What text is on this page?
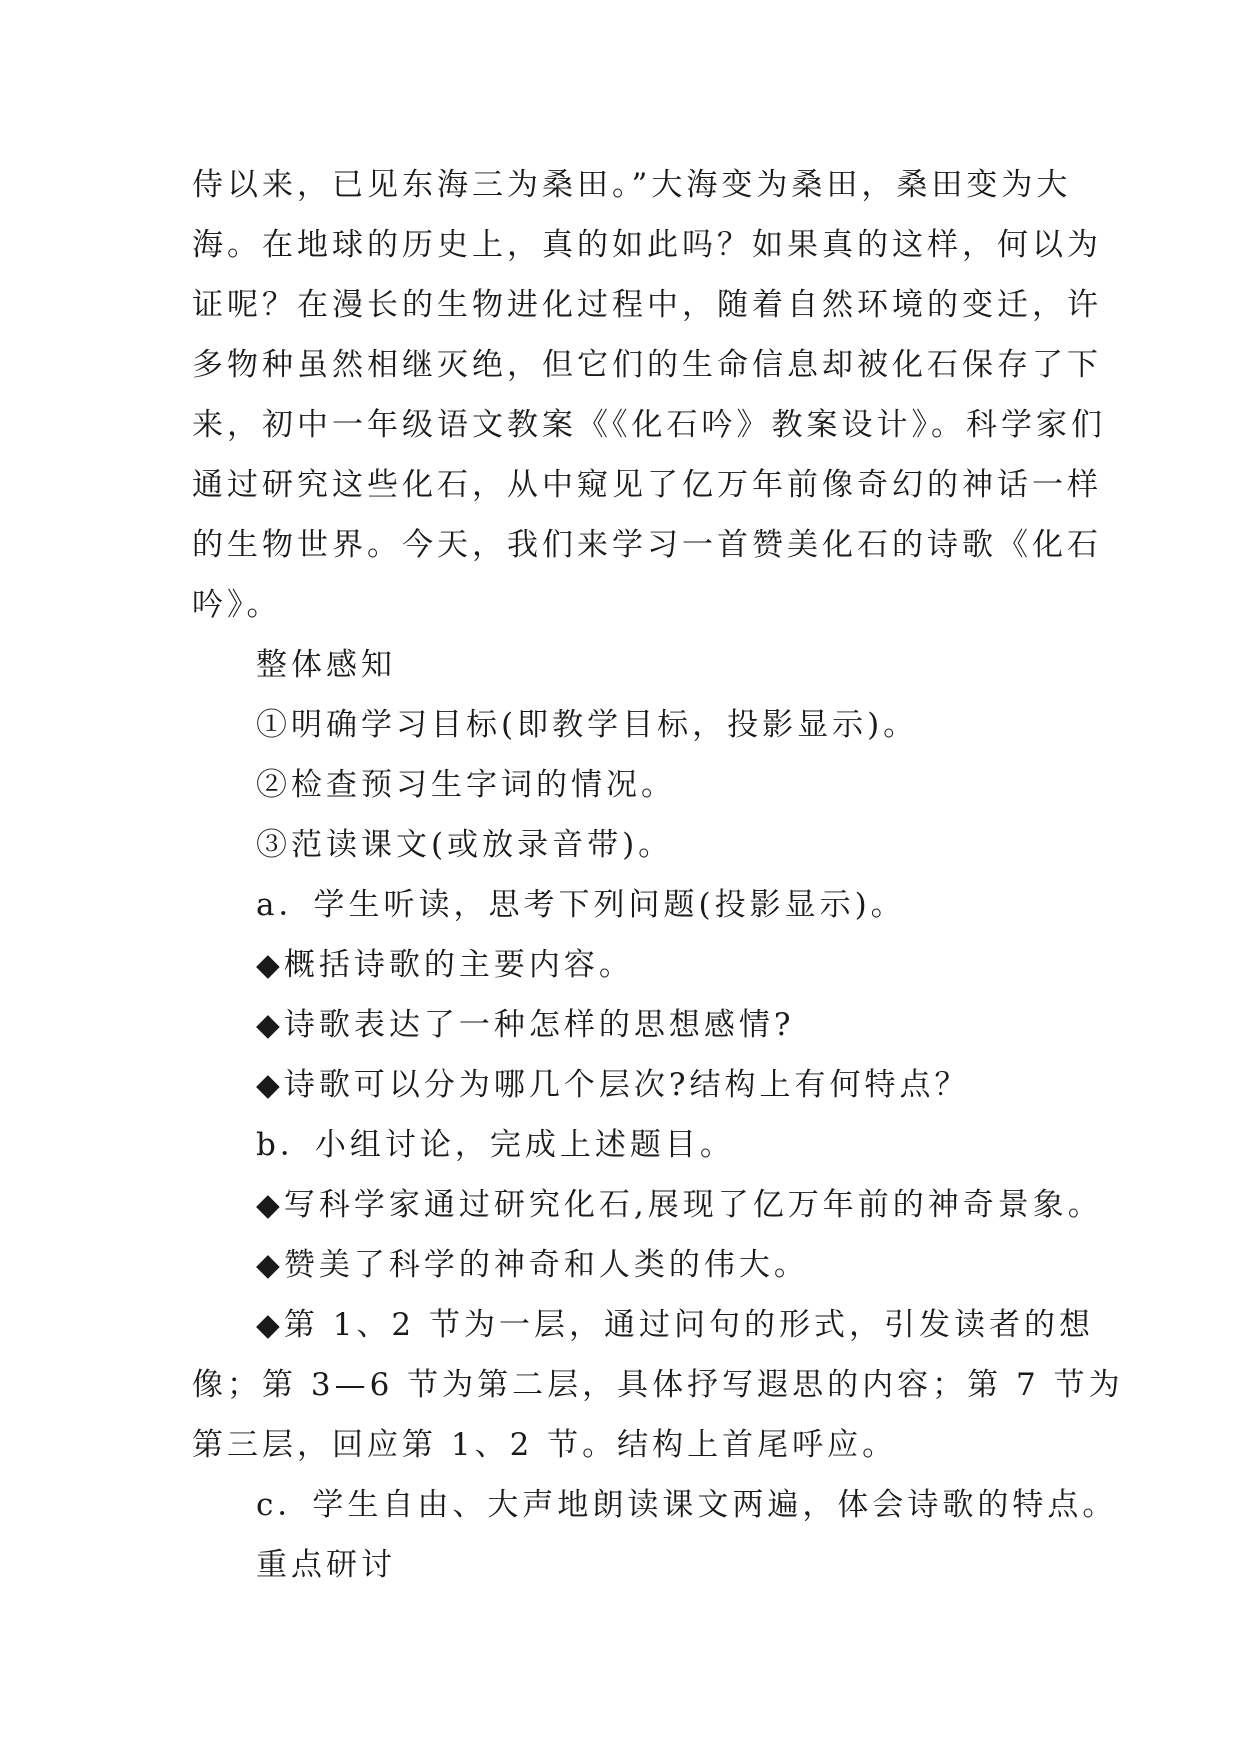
侍以来，已见东海三为桑田。”大海变为桑田，桑田变为大
海。在地球的历史上，真的如此吗？如果真的这样，何以为
证呢？在漫长的生物进化过程中，随着自然环境的变迁，许
多物种虽然相继灭绝，但它们的生命信息却被化石保存了下
来，初中一年级语文教案《《化石吟》教案设计》。科学家们
通过研究这些化石，从中窥见了亿万年前像奇幻的神话一样
的生物世界。今天，我们来学习一首赞美化石的诗歌《化石
吟》。
整体感知
①明确学习目标(即教学目标，投影显示)。
②检查预习生字词的情况。
③范读课文(或放录音带)。
a．学生听读，思考下列问题(投影显示)。
◆概括诗歌的主要内容。
◆诗歌表达了一种怎样的思想感情?
◆诗歌可以分为哪几个层次?结构上有何特点？
b．小组讨论，完成上述题目。
◆写科学家通过研究化石,展现了亿万年前的神奇景象。
◆赞美了科学的神奇和人类的伟大。
◆第 1、2 节为一层，通过问句的形式，引发读者的想
像；第 3—6 节为第二层，具体抒写遐思的内容；第 7 节为
第三层，回应第 1、2 节。结构上首尾呼应。
c．学生自由、大声地朗读课文两遍，体会诗歌的特点。
重点研讨
